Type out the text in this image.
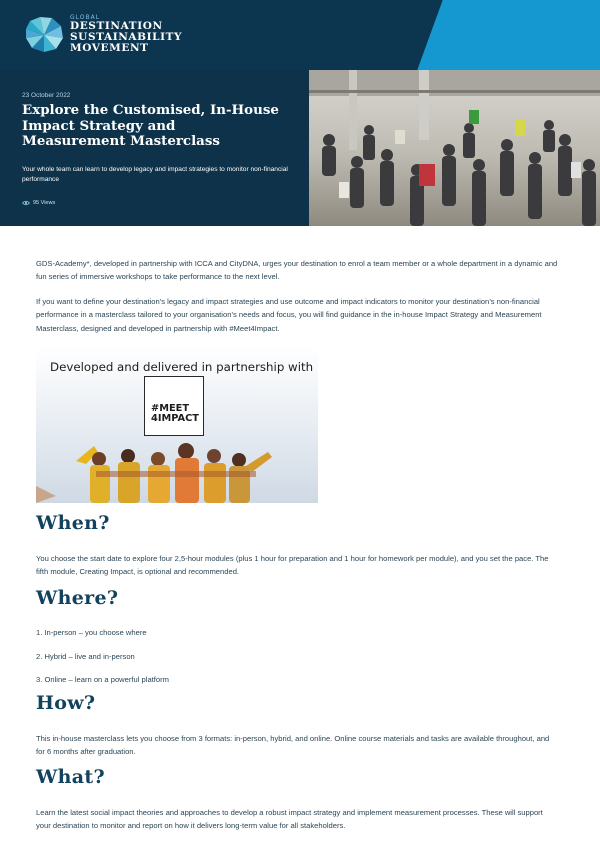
GLOBAL
DESTINATION
SUSTAINABILITY
MOVEMENT
23 October 2022
Explore the Customised, In-House Impact Strategy and Measurement Masterclass

Your whole team can learn to develop legacy and impact strategies to monitor non-financial performance

95 Views

GDS-Academy*, developed in partnership with ICCA and CityDNA, urges your destination to enrol a team member or a whole department in a dynamic and fun series of immersive workshops to take performance to the next level.

If you want to define your destination’s legacy and impact strategies and use outcome and impact indicators to monitor your destination’s non-financial performance in a masterclass tailored to your organisation’s needs and focus, you will find guidance in the in-house Impact Strategy and Measurement Masterclass, designed and developed in partnership with #Meet4Impact.

Developed and delivered in partnership with
#MEET
4IMPACT
When?

You choose the start date to explore four 2,5-hour modules (plus 1 hour for preparation and 1 hour for homework per module), and you set the pace. The fifth module, Creating Impact, is optional and recommended.

Where?
1. In-person – you choose where
2. Hybrid – live and in-person
3. Online – learn on a powerful platform
How?

This in-house masterclass lets you choose from 3 formats: in-person, hybrid, and online. Online course materials and tasks are available throughout, and for 6 months after graduation.

What?

Learn the latest social impact theories and approaches to develop a robust impact strategy and implement measurement processes. These will support your destination to monitor and report on how it delivers long-term value for all stakeholders.
